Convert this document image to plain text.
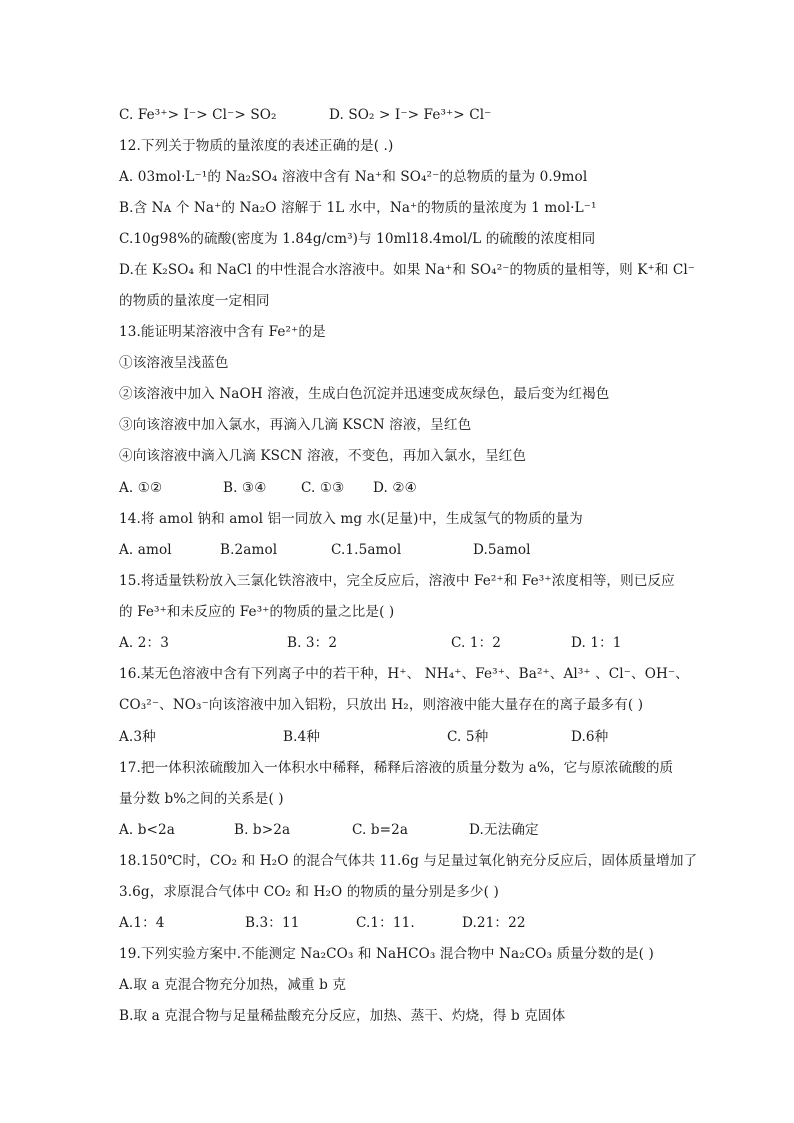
C. Fe³⁺> I⁻> Cl⁻> SO₂	D. SO₂ > I⁻> Fe³⁺> Cl⁻
12.下列关于物质的量浓度的表述正确的是( .)
A. 03mol·L⁻¹的 Na₂SO₄ 溶液中含有 Na⁺和 SO₄²⁻的总物质的量为 0.9mol
B.含 Nᴀ 个 Na⁺的 Na₂O 溶解于 1L 水中，Na⁺的物质的量浓度为 1 mol·L⁻¹
C.10g98%的硫酸(密度为 1.84g/cm³)与 10ml18.4mol/L 的硫酸的浓度相同
D.在 K₂SO₄ 和 NaCl 的中性混合水溶液中。如果 Na⁺和 SO₄²⁻的物质的量相等，则 K⁺和 Cl⁻
的物质的量浓度一定相同
13.能证明某溶液中含有 Fe²⁺的是
①该溶液呈浅蓝色
②该溶液中加入 NaOH 溶液，生成白色沉淀并迅速变成灰绿色，最后变为红褐色
③向该溶液中加入氯水，再滴入几滴 KSCN 溶液，呈红色
④向该溶液中滴入几滴 KSCN 溶液，不变色，再加入氯水，呈红色
A. ①②	B. ③④	C. ①③ D. ②④
14.将 amol 钠和 amol 铝一同放入 mg 水(足量)中，生成氢气的物质的量为
A. amol	B.2amol	C.1.5amol	D.5amol
15.将适量铁粉放入三氯化铁溶液中，完全反应后，溶液中 Fe²⁺和 Fe³⁺浓度相等，则已反应
的 Fe³⁺和未反应的 Fe³⁺的物质的量之比是( )
A. 2：3	B. 3：2	C. 1：2	D. 1：1
16.某无色溶液中含有下列离子中的若干种，H⁺、 NH₄⁺、Fe³⁺、Ba²⁺、Al³⁺ 、Cl⁻、OH⁻、
CO₃²⁻、NO₃⁻向该溶液中加入铝粉，只放出 H₂，则溶液中能大量存在的离子最多有( )
A.3种	B.4种	C. 5种	D.6种
17.把一体积浓硫酸加入一体积水中稀释，稀释后溶液的质量分数为 a%，它与原浓硫酸的质
量分数 b%之间的关系是( )
A. b<2a	B. b>2a	C. b=2a	D.无法确定
18.150℃时，CO₂ 和 H₂O 的混合气体共 11.6g 与足量过氧化钠充分反应后，固体质量增加了
3.6g，求原混合气体中 CO₂ 和 H₂O 的物质的量分别是多少( )
A.1：4	B.3：11	C.1：11.	D.21：22
19.下列实验方案中.不能测定 Na₂CO₃ 和 NaHCO₃ 混合物中 Na₂CO₃ 质量分数的是( )
A.取 a 克混合物充分加热，减重 b 克
B.取 a 克混合物与足量稀盐酸充分反应，加热、蒸干、灼烧，得 b 克固体
